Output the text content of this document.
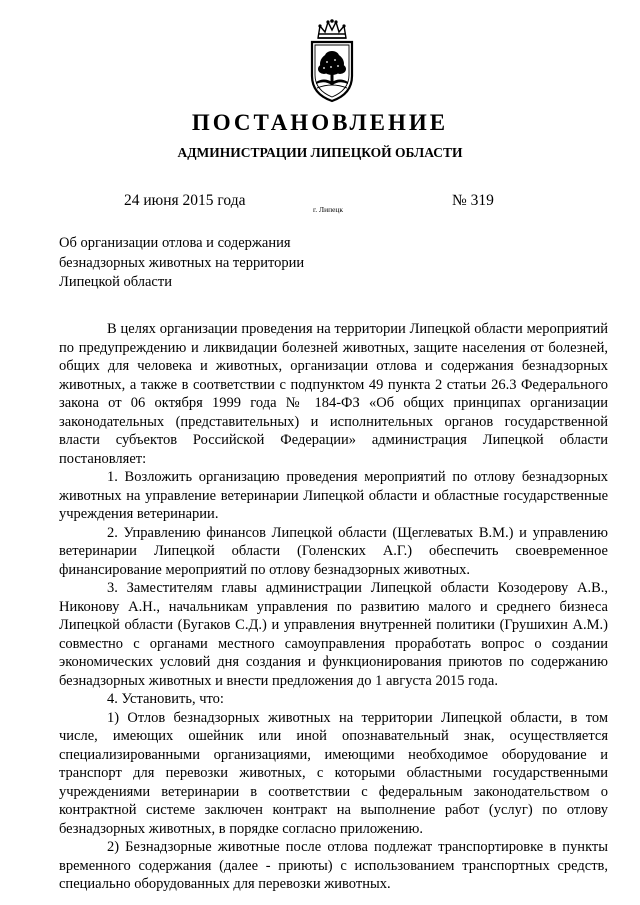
ПОСТАНОВЛЕНИЕ
АДМИНИСТРАЦИИ ЛИПЕЦКОЙ ОБЛАСТИ
24 июня 2015 года
г. Липецк
№ 319
Об организации отлова и содержания
безнадзорных животных на территории
Липецкой области

В целях организации проведения на территории Липецкой области мероприятий по предупреждению и ликвидации болезней животных, защите населения от болезней, общих для человека и животных, организации отлова и содержания безнадзорных животных, а также в соответствии с подпунктом 49 пункта 2 статьи 26.3 Федерального закона от 06 октября 1999 года № 184-ФЗ «Об общих принципах организации законодательных (представительных) и исполнительных органов государственной власти субъектов Российской Федерации» администрация Липецкой области постановляет:

1. Возложить организацию проведения мероприятий по отлову безнадзорных животных на управление ветеринарии Липецкой области и областные государственные учреждения ветеринарии.

2. Управлению финансов Липецкой области (Щеглеватых В.М.) и управлению ветеринарии Липецкой области (Голенских А.Г.) обеспечить своевременное финансирование мероприятий по отлову безнадзорных животных.

3. Заместителям главы администрации Липецкой области Козодерову А.В., Никонову А.Н., начальникам управления по развитию малого и среднего бизнеса Липецкой области (Бугаков С.Д.) и управления внутренней политики (Грушихин А.М.) совместно с органами местного самоуправления проработать вопрос о создании экономических условий дня создания и функционирования приютов по содержанию безнадзорных животных и внести предложения до 1 августа 2015 года.

4. Установить, что:

1) Отлов безнадзорных животных на территории Липецкой области, в том числе, имеющих ошейник или иной опознавательный знак, осуществляется специализированными организациями, имеющими необходимое оборудование и транспорт для перевозки животных, с которыми областными государственными учреждениями ветеринарии в соответствии с федеральным законодательством о контрактной системе заключен контракт на выполнение работ (услуг) по отлову безнадзорных животных, в порядке согласно приложению.

2) Безнадзорные животные после отлова подлежат транспортировке в пункты временного содержания (далее - приюты) с использованием транспортных средств, специально оборудованных для перевозки животных.
